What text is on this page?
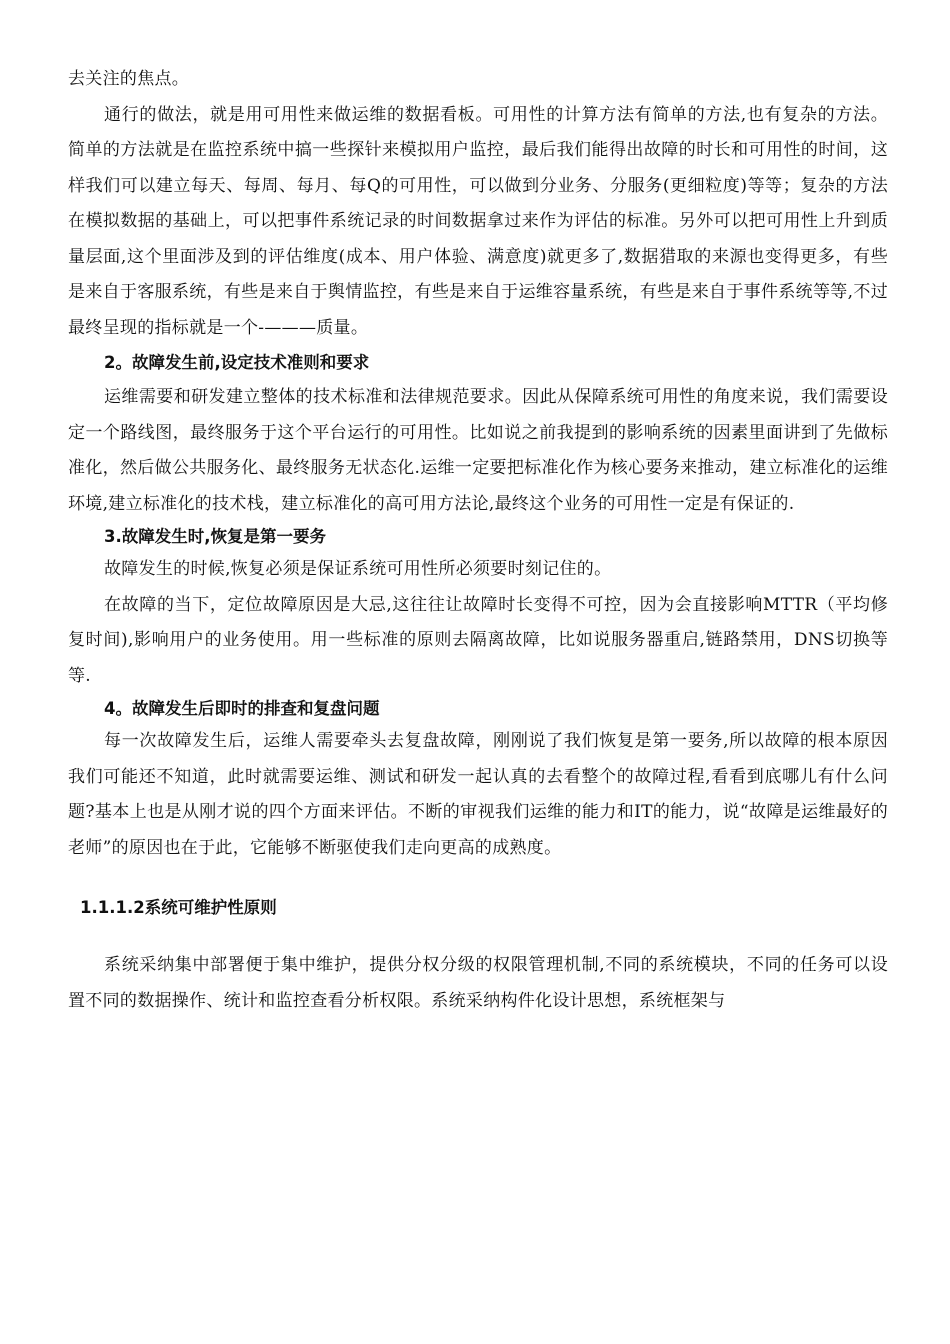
去关注的焦点。

通行的做法，就是用可用性来做运维的数据看板。可用性的计算方法有简单的方法,也有复杂的方法。简单的方法就是在监控系统中搞一些探针来模拟用户监控，最后我们能得出故障的时长和可用性的时间，这样我们可以建立每天、每周、每月、每Q的可用性，可以做到分业务、分服务(更细粒度)等等；复杂的方法在模拟数据的基础上，可以把事件系统记录的时间数据拿过来作为评估的标准。另外可以把可用性上升到质量层面,这个里面涉及到的评估维度(成本、用户体验、满意度)就更多了,数据猎取的来源也变得更多，有些是来自于客服系统，有些是来自于舆情监控，有些是来自于运维容量系统，有些是来自于事件系统等等,不过最终呈现的指标就是一个-———质量。

2。故障发生前,设定技术准则和要求

运维需要和研发建立整体的技术标准和法律规范要求。因此从保障系统可用性的角度来说，我们需要设定一个路线图，最终服务于这个平台运行的可用性。比如说之前我提到的影响系统的因素里面讲到了先做标准化，然后做公共服务化、最终服务无状态化.运维一定要把标准化作为核心要务来推动，建立标准化的运维环境,建立标准化的技术栈，建立标准化的高可用方法论,最终这个业务的可用性一定是有保证的.

3.故障发生时,恢复是第一要务

故障发生的时候,恢复必须是保证系统可用性所必须要时刻记住的。

在故障的当下，定位故障原因是大忌,这往往让故障时长变得不可控，因为会直接影响MTTR（平均修复时间),影响用户的业务使用。用一些标准的原则去隔离故障，比如说服务器重启,链路禁用，DNS切换等等.

4。故障发生后即时的排查和复盘问题

每一次故障发生后，运维人需要牵头去复盘故障，刚刚说了我们恢复是第一要务,所以故障的根本原因我们可能还不知道，此时就需要运维、测试和研发一起认真的去看整个的故障过程,看看到底哪儿有什么问题?基本上也是从刚才说的四个方面来评估。不断的审视我们运维的能力和IT的能力，说“故障是运维最好的老师”的原因也在于此，它能够不断驱使我们走向更高的成熟度。

1.1.1.2系统可维护性原则

系统采纳集中部署便于集中维护，提供分权分级的权限管理机制,不同的系统模块，不同的任务可以设置不同的数据操作、统计和监控查看分析权限。系统采纳构件化设计思想，系统框架与
